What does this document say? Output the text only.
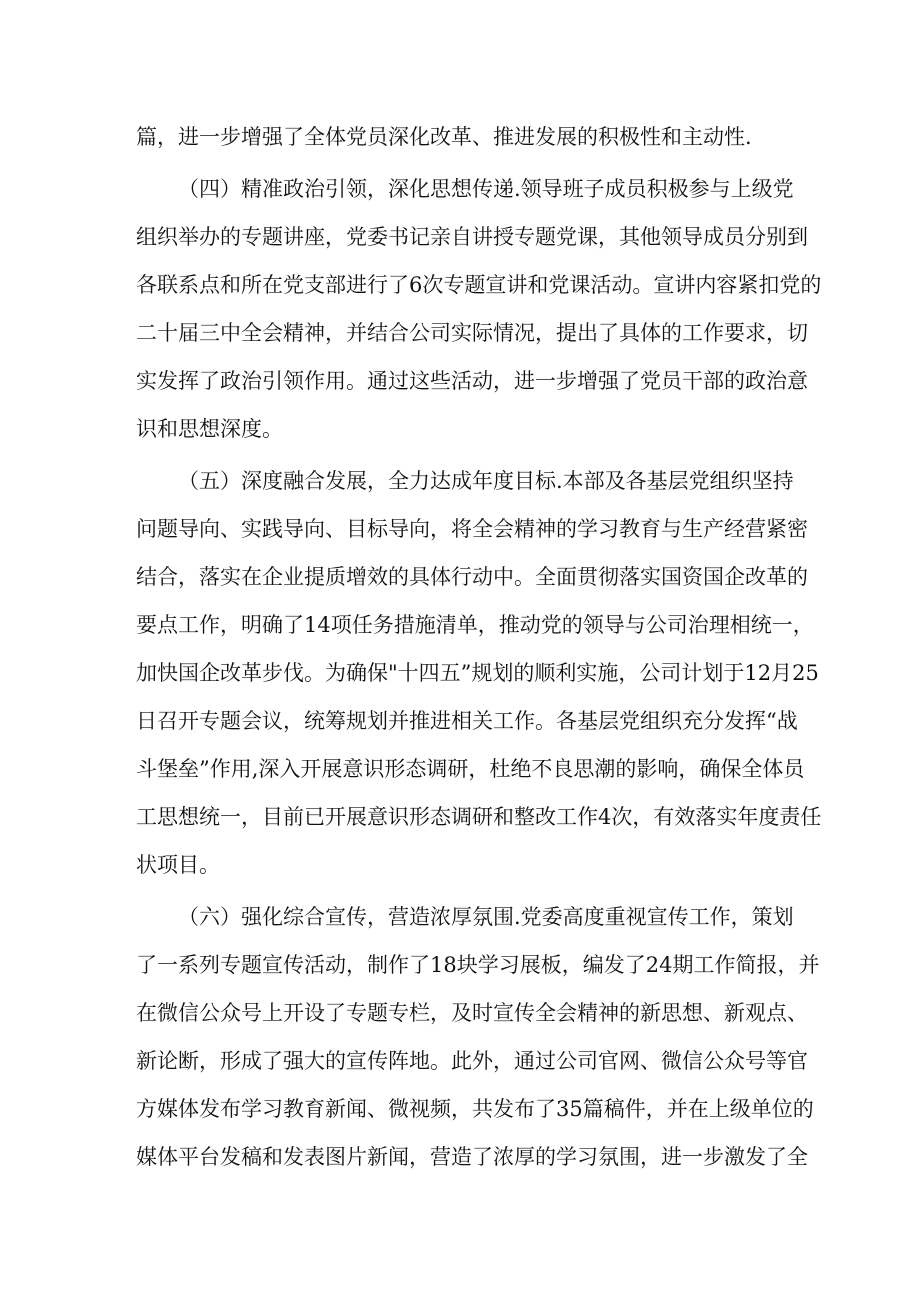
篇，进一步增强了全体党员深化改革、推进发展的积极性和主动性.
（四）精准政治引领，深化思想传递.领导班子成员积极参与上级党
组织举办的专题讲座，党委书记亲自讲授专题党课，其他领导成员分别到
各联系点和所在党支部进行了6次专题宣讲和党课活动。宣讲内容紧扣党的
二十届三中全会精神，并结合公司实际情况，提出了具体的工作要求，切
实发挥了政治引领作用。通过这些活动，进一步增强了党员干部的政治意
识和思想深度。
（五）深度融合发展，全力达成年度目标.本部及各基层党组织坚持
问题导向、实践导向、目标导向，将全会精神的学习教育与生产经营紧密
结合，落实在企业提质增效的具体行动中。全面贯彻落实国资国企改革的
要点工作，明确了14项任务措施清单，推动党的领导与公司治理相统一，
加快国企改革步伐。为确保"十四五”规划的顺利实施，公司计划于12月25
日召开专题会议，统筹规划并推进相关工作。各基层党组织充分发挥“战
斗堡垒”作用,深入开展意识形态调研，杜绝不良思潮的影响，确保全体员
工思想统一，目前已开展意识形态调研和整改工作4次，有效落实年度责任
状项目。
（六）强化综合宣传，营造浓厚氛围.党委高度重视宣传工作，策划
了一系列专题宣传活动，制作了18块学习展板，编发了24期工作简报，并
在微信公众号上开设了专题专栏，及时宣传全会精神的新思想、新观点、
新论断，形成了强大的宣传阵地。此外，通过公司官网、微信公众号等官
方媒体发布学习教育新闻、微视频，共发布了35篇稿件，并在上级单位的
媒体平台发稿和发表图片新闻，营造了浓厚的学习氛围，进一步激发了全
